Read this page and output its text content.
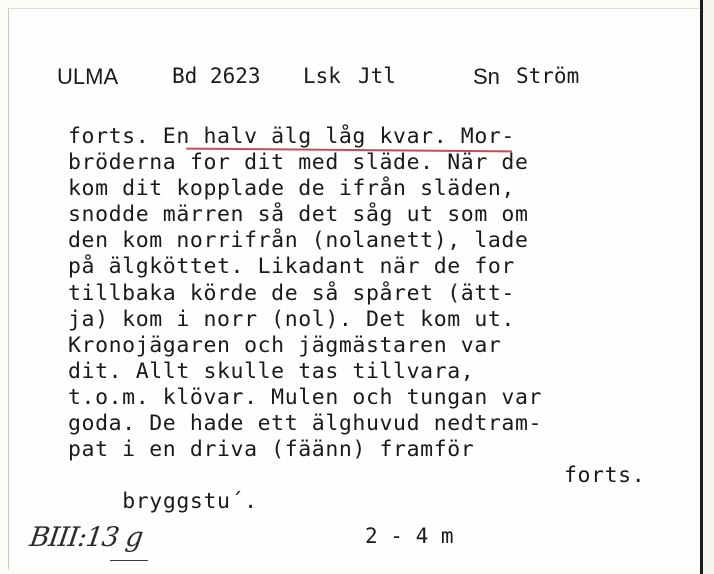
ULMA	Bd 2623 Lsk Jtl	Sn Ström
forts. En halv älg låg kvar. Mor-
bröderna for dit med släde. När de
kom dit kopplade de ifrån släden,
snodde märren så det såg ut som om
den kom norrifrån (nolanett), lade
på älgköttet. Likadant när de for
tillbaka körde de så spåret (ätt-
ja) kom i norr (nol). Det kom ut.
Kronojägaren och jägmästaren var
dit. Allt skulle tas tillvara,
t.o.m. klövar. Mulen och tungan var
goda. De hade ett älghuvud nedtram-
pat i en driva (fäänn) framför

bryggstu´.

forts.

BIII:13 g	2 - 4 m
